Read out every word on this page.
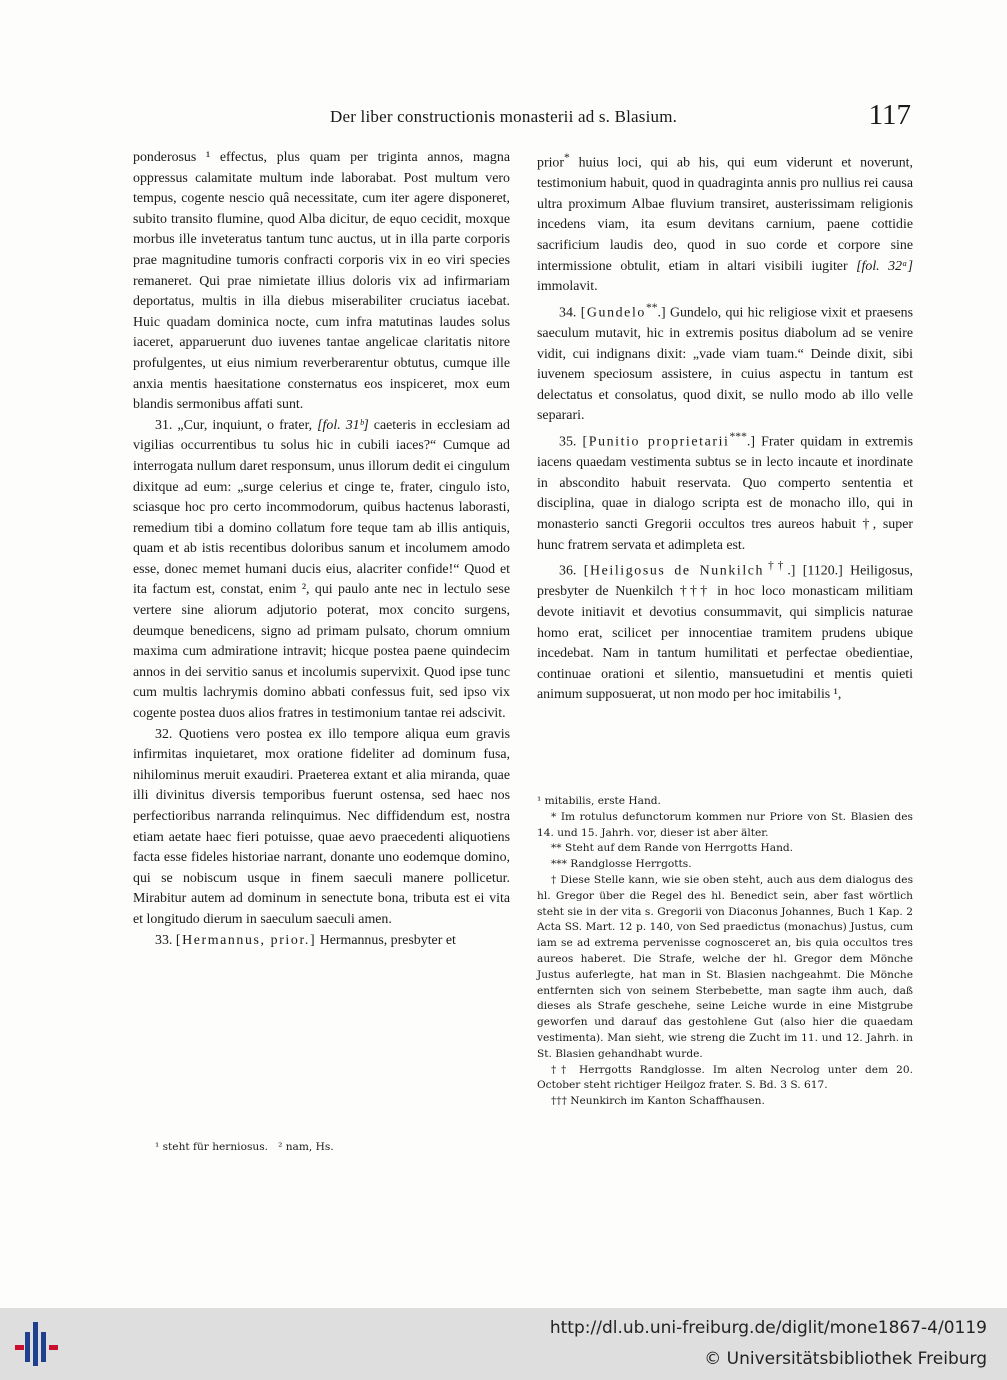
Der liber constructionis monasterii ad s. Blasium.	117

ponderosus ¹ effectus, plus quam per triginta annos, magna oppressus calamitate multum inde laborabat. Post multum vero tempus, cogente nescio quâ necessitate, cum iter agere disponeret, subito transito flumine, quod Alba dicitur, de equo cecidit, moxque morbus ille inveteratus tantum tunc auctus, ut in illa parte corporis prae magnitudine tumoris confracti corporis vix in eo viri species remaneret. Qui prae nimietate illius doloris vix ad infirmariam deportatus, multis in illa diebus miserabiliter cruciatus iacebat. Huic quadam dominica nocte, cum infra matutinas laudes solus iaceret, apparuerunt duo iuvenes tantae angelicae claritatis nitore profulgentes, ut eius nimium reverberarentur obtutus, cumque ille anxia mentis haesitatione consternatus eos inspiceret, mox eum blandis sermonibus affati sunt.

31. „Cur, inquiunt, o frater, [fol. 31ᵇ] caeteris in ecclesiam ad vigilias occurrentibus tu solus hic in cubili iaces?“ Cumque ad interrogata nullum daret responsum, unus illorum dedit ei cingulum dixitque ad eum: „surge celerius et cinge te, frater, cingulo isto, sciasque hoc pro certo incommodorum, quibus hactenus laborasti, remedium tibi a domino collatum fore teque tam ab illis antiquis, quam et ab istis recentibus doloribus sanum et incolumem amodo esse, donec memet humani ducis eius, alacriter confide!“ Quod et ita factum est, constat, enim ², qui paulo ante nec in lectulo sese vertere sine aliorum adjutorio poterat, mox concito surgens, deumque benedicens, signo ad primam pulsato, chorum omnium maxima cum admiratione intravit; hicque postea paene quindecim annos in dei servitio sanus et incolumis supervixit. Quod ipse tunc cum multis lachrymis domino abbati confessus fuit, sed ipso vix cogente postea duos alios fratres in testimonium tantae rei adscivit.

32. Quotiens vero postea ex illo tempore aliqua eum gravis infirmitas inquietaret, mox oratione fideliter ad dominum fusa, nihilominus meruit exaudiri. Praeterea extant et alia miranda, quae illi divinitus diversis temporibus fuerunt ostensa, sed haec nos perfectioribus narranda relinquimus. Nec diffidendum est, nostra etiam aetate haec fieri potuisse, quae aevo praecedenti aliquotiens facta esse fideles historiae narrant, donante uno eodemque domino, qui se nobiscum usque in finem saeculi manere pollicetur. Mirabitur autem ad dominum in senectute bona, tributa est ei vita et longitudo dierum in saeculum saeculi amen.

33. [Hermannus, prior.] Hermannus, presbyter et

prior* huius loci, qui ab his, qui eum viderunt et noverunt, testimonium habuit, quod in quadraginta annis pro nullius rei causa ultra proximum Albae fluvium transiret, austerissimam religionis incedens viam, ita esum devitans carnium, paene cottidie sacrificium laudis deo, quod in suo corde et corpore sine intermissione obtulit, etiam in altari visibili iugiter [fol. 32ᵃ] immolavit.

34. [Gundelo**.] Gundelo, qui hic religiose vixit et praesens saeculum mutavit, hic in extremis positus diabolum ad se venire vidit, cui indignans dixit: „vade viam tuam.“ Deinde dixit, sibi iuvenem speciosum assistere, in cuius aspectu in tantum est delectatus et consolatus, quod dixit, se nullo modo ab illo velle separari.

35. [Punitio proprietarii***.] Frater quidam in extremis iacens quaedam vestimenta subtus se in lecto incaute et inordinate in abscondito habuit reservata. Quo comperto sententia et disciplina, quae in dialogo scripta est de monacho illo, qui in monasterio sancti Gregorii occultos tres aureos habuit †, super hunc fratrem servata et adimpleta est.

36. [Heiligosus de Nunkilch††.] [1120.] Heiligosus, presbyter de Nuenkilch ††† in hoc loco monasticam militiam devote initiavit et devotius consummavit, qui simplicis naturae homo erat, scilicet per innocentiae tramitem prudens ubique incedebat. Nam in tantum humilitati et perfectae obedientiae, continuae orationi et silentio, mansuetudini et mentis quieti animum supposuerat, ut non modo per hoc imitabilis ¹,

¹ mitabilis, erste Hand.

* Im rotulus defunctorum kommen nur Priore von St. Blasien des 14. und 15. Jahrh. vor, dieser ist aber älter.

** Steht auf dem Rande von Herrgotts Hand.

*** Randglosse Herrgotts.

† Diese Stelle kann, wie sie oben steht, auch aus dem dialogus des hl. Gregor über die Regel des hl. Benedict sein, aber fast wörtlich steht sie in der vita s. Gregorii von Diaconus Johannes, Buch 1 Kap. 2 Acta SS. Mart. 12 p. 140, von Sed praedictus (monachus) Justus, cum iam se ad extrema pervenisse cognosceret an, bis quia occultos tres aureos haberet. Die Strafe, welche der hl. Gregor dem Mönche Justus auferlegte, hat man in St. Blasien nachgeahmt. Die Mönche entfernten sich von seinem Sterbebette, man sagte ihm auch, daß dieses als Strafe geschehe, seine Leiche wurde in eine Mistgrube geworfen und darauf das gestohlene Gut (also hier die quaedam vestimenta). Man sieht, wie streng die Zucht im 11. und 12. Jahrh. in St. Blasien gehandhabt wurde.

†† Herrgotts Randglosse. Im alten Necrolog unter dem 20. October steht richtiger Heilgoz frater. S. Bd. 3 S. 617.

††† Neunkirch im Kanton Schaffhausen.

¹ steht für herniosus. ² nam, Hs.
http://dl.ub.uni-freiburg.de/diglit/mone1867-4/0119
© Universitätsbibliothek Freiburg
